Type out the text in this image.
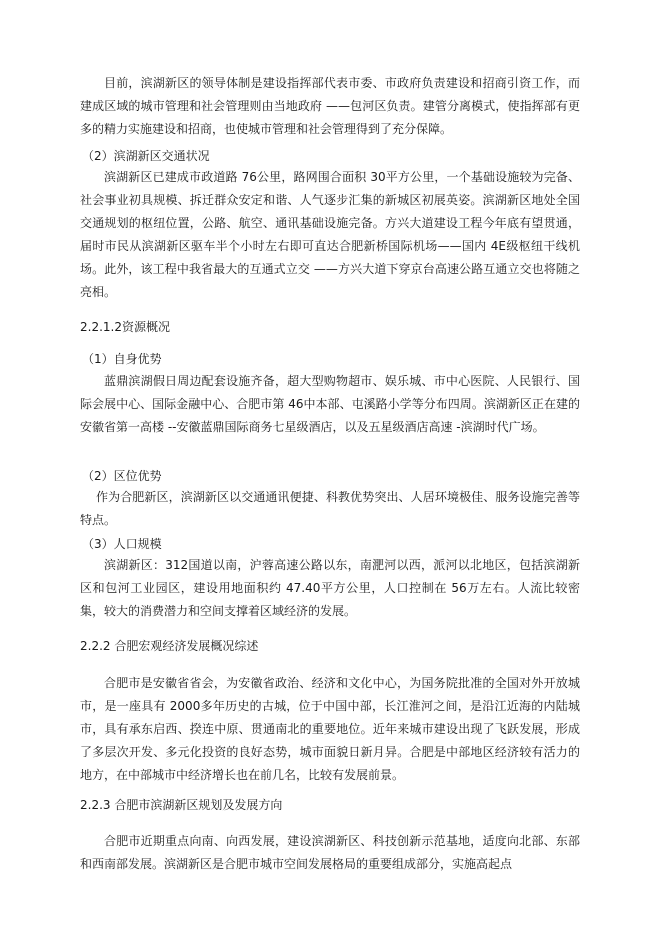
目前，滨湖新区的领导体制是建设指挥部代表市委、市政府负责建设和招商引资工作，而建成区域的城市管理和社会管理则由当地政府 ——包河区负责。建管分离模式，使指挥部有更多的精力实施建设和招商，也使城市管理和社会管理得到了充分保障。
（2）滨湖新区交通状况
滨湖新区已建成市政道路 76公里，路网围合面积 30平方公里，一个基础设施较为完备、社会事业初具规模、拆迁群众安定和谐、人气逐步汇集的新城区初展英姿。滨湖新区地处全国交通规划的枢纽位置，公路、航空、通讯基础设施完备。方兴大道建设工程今年底有望贯通，届时市民从滨湖新区驱车半个小时左右即可直达合肥新桥国际机场——国内 4E级枢纽干线机场。此外，该工程中我省最大的互通式立交 ——方兴大道下穿京台高速公路互通立交也将随之亮相。
2.2.1.2资源概况
（1）自身优势
蓝鼎滨湖假日周边配套设施齐备，超大型购物超市、娱乐城、市中心医院、人民银行、国际会展中心、国际金融中心、合肥市第 46中本部、屯溪路小学等分布四周。滨湖新区正在建的安徽省第一高楼 --安徽蓝鼎国际商务七星级酒店，以及五星级酒店高速 -滨湖时代广场。
（2）区位优势
作为合肥新区，滨湖新区以交通通讯便捷、科教优势突出、人居环境极佳、服务设施完善等特点。
（3）人口规模
滨湖新区：312国道以南，沪蓉高速公路以东，南淝河以西，派河以北地区，包括滨湖新区和包河工业园区，建设用地面积约 47.40平方公里，人口控制在 56万左右。人流比较密集，较大的消费潜力和空间支撑着区域经济的发展。
2.2.2 合肥宏观经济发展概况综述
合肥市是安徽省省会，为安徽省政治、经济和文化中心，为国务院批准的全国对外开放城市，是一座具有 2000多年历史的古城，位于中国中部，长江淮河之间，是沿江近海的内陆城市，具有承东启西、揆连中原、贯通南北的重要地位。近年来城市建设出现了飞跃发展，形成了多层次开发、多元化投资的良好态势，城市面貌日新月异。合肥是中部地区经济较有活力的地方，在中部城市中经济增长也在前几名，比较有发展前景。
2.2.3 合肥市滨湖新区规划及发展方向
合肥市近期重点向南、向西发展，建设滨湖新区、科技创新示范基地，适度向北部、东部和西南部发展。滨湖新区是合肥市城市空间发展格局的重要组成部分，实施高起点
